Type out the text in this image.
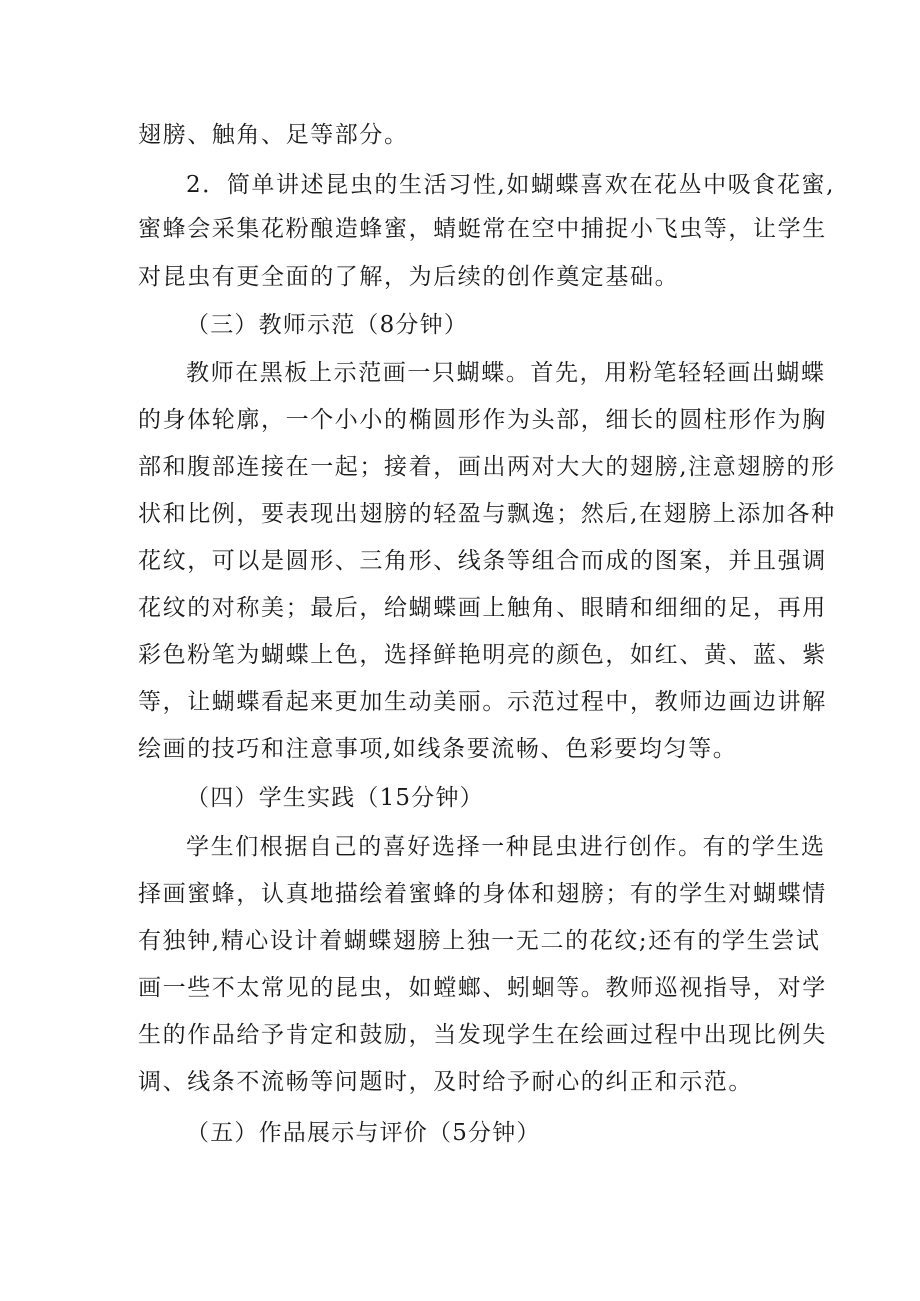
翅膀、触角、足等部分。
2．简单讲述昆虫的生活习性,如蝴蝶喜欢在花丛中吸食花蜜,
蜜蜂会采集花粉酿造蜂蜜，蜻蜓常在空中捕捉小飞虫等，让学生
对昆虫有更全面的了解，为后续的创作奠定基础。
（三）教师示范（8分钟）
教师在黑板上示范画一只蝴蝶。首先，用粉笔轻轻画出蝴蝶
的身体轮廓，一个小小的椭圆形作为头部，细长的圆柱形作为胸
部和腹部连接在一起；接着，画出两对大大的翅膀,注意翅膀的形
状和比例，要表现出翅膀的轻盈与飘逸；然后,在翅膀上添加各种
花纹，可以是圆形、三角形、线条等组合而成的图案，并且强调
花纹的对称美；最后，给蝴蝶画上触角、眼睛和细细的足，再用
彩色粉笔为蝴蝶上色，选择鲜艳明亮的颜色，如红、黄、蓝、紫
等，让蝴蝶看起来更加生动美丽。示范过程中，教师边画边讲解
绘画的技巧和注意事项,如线条要流畅、色彩要均匀等。
（四）学生实践（15分钟）
学生们根据自己的喜好选择一种昆虫进行创作。有的学生选
择画蜜蜂，认真地描绘着蜜蜂的身体和翅膀；有的学生对蝴蝶情
有独钟,精心设计着蝴蝶翅膀上独一无二的花纹;还有的学生尝试
画一些不太常见的昆虫，如螳螂、蚓蛔等。教师巡视指导，对学
生的作品给予肯定和鼓励，当发现学生在绘画过程中出现比例失
调、线条不流畅等问题时，及时给予耐心的纠正和示范。
（五）作品展示与评价（5分钟）
